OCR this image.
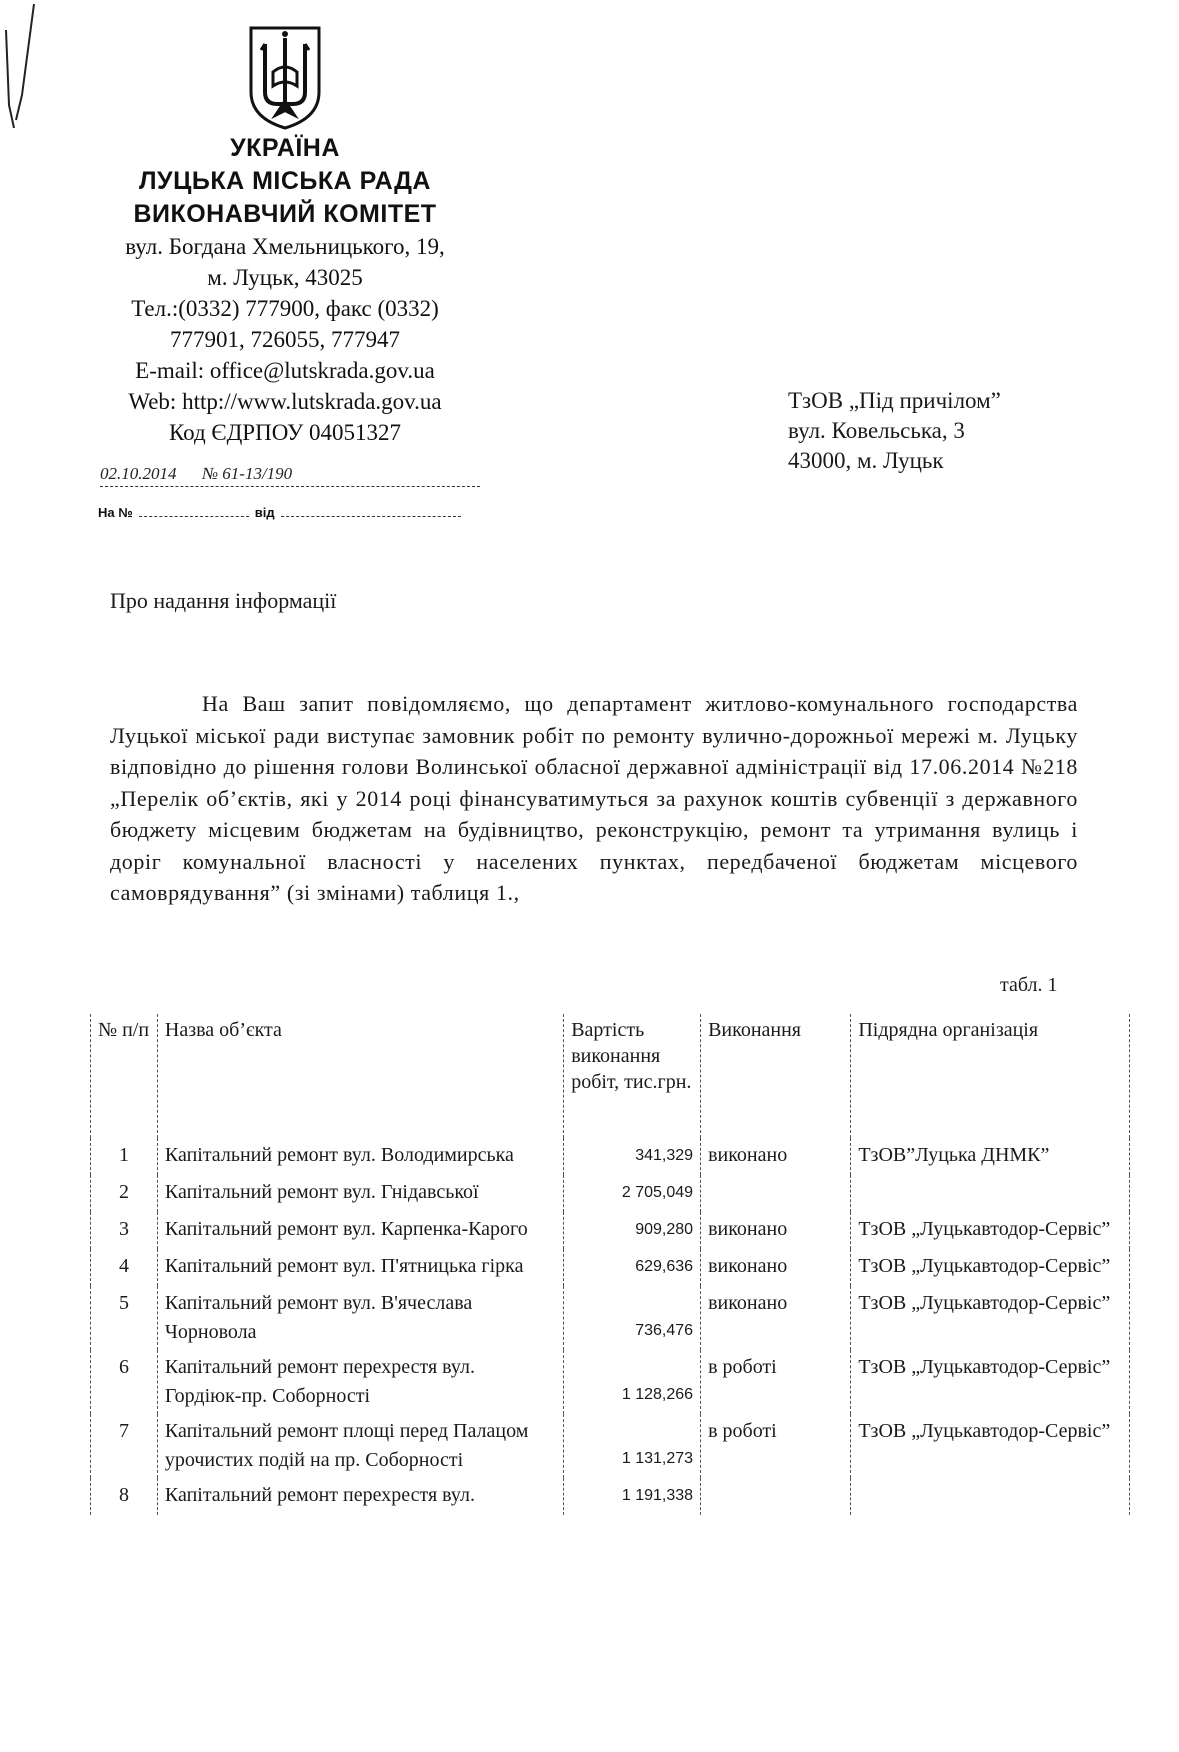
УКРАЇНА
ЛУЦЬКА МІСЬКА РАДА
ВИКОНАВЧИЙ КОМІТЕТ
вул. Богдана Хмельницького, 19,
м. Луцьк, 43025
Тел.:(0332) 777900, факс (0332)
777901, 726055, 777947
E-mail: office@lutskrada.gov.ua
Web: http://www.lutskrada.gov.ua
Код ЄДРПОУ 04051327
02.10.2014 № 61-13/190
На №	від
ТзОВ „Під причілом”
вул. Ковельська, 3
43000, м. Луцьк
Про надання інформації
На Ваш запит повідомляємо, що департамент житлово-комунального господарства Луцької міської ради виступає замовник робіт по ремонту вулично-дорожньої мережі м. Луцьку відповідно до рішення голови Волинської обласної державної адміністрації від 17.06.2014 №218 „Перелік об’єктів, які у 2014 році фінансуватимуться за рахунок коштів субвенції з державного бюджету місцевим бюджетам на будівництво, реконструкцію, ремонт та утримання вулиць і доріг комунальної власності у населених пунктах, передбаченої бюджетам місцевого самоврядування” (зі змінами) таблиця 1.,
табл. 1
№ п/п	Назва об’єкта	Вартість виконання робіт, тис.грн.	Виконання	Підрядна організація
1	Капітальний ремонт вул. Володимирська	341,329	виконано	ТзОВ”Луцька ДНМК”
2	Капітальний ремонт вул. Гнідавської	2 705,049		
3	Капітальний ремонт вул. Карпенка-Карого	909,280	виконано	ТзОВ „Луцькавтодор-Сервіс”
4	Капітальний ремонт вул. П'ятницька гірка	629,636	виконано	ТзОВ „Луцькавтодор-Сервіс”
5	Капітальний ремонт вул. В'ячеслава Чорновола	736,476	виконано	ТзОВ „Луцькавтодор-Сервіс”
6	Капітальний ремонт перехрестя вул. Гордіюк-пр. Соборності	1 128,266	в роботі	ТзОВ „Луцькавтодор-Сервіс”
7	Капітальний ремонт площі перед Палацом урочистих подій на пр. Соборності	1 131,273	в роботі	ТзОВ „Луцькавтодор-Сервіс”
8	Капітальний ремонт перехрестя вул.	1 191,338		
